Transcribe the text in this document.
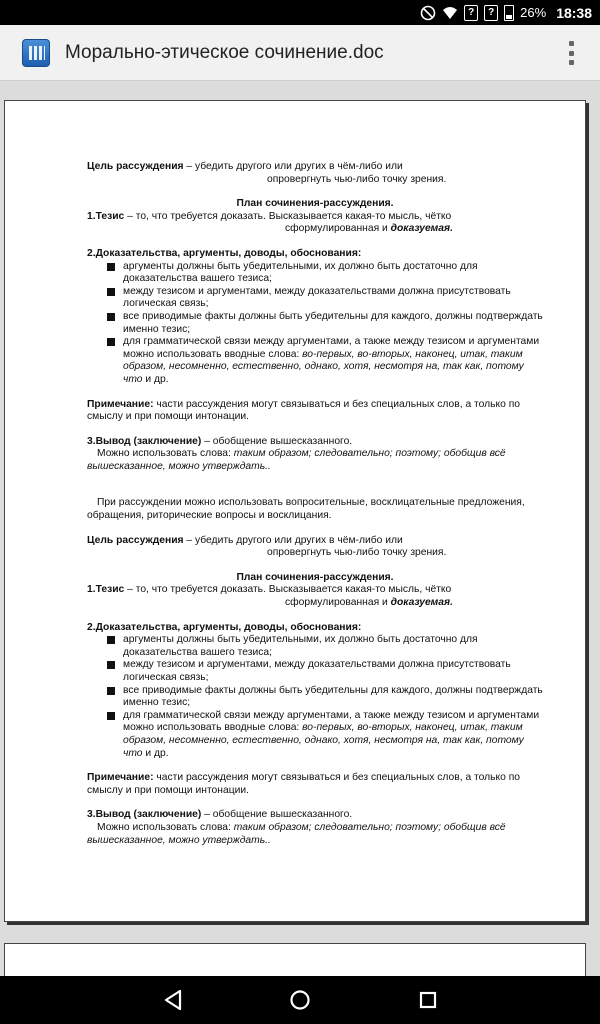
?	?	26% 18:38
Морально-этическое сочинение.doc

Цель рассуждения – убедить другого или других в чём-либо или

опровергнуть чью-либо точку зрения.

План сочинения-рассуждения.

1.Тезис – то, что требуется доказать. Высказывается какая-то мысль, чётко

сформулированная и доказуемая.

2.Доказательства, аргументы, доводы, обоснования:

аргументы должны быть убедительными, их должно быть достаточно для доказательства вашего тезиса;
между тезисом и аргументами, между доказательствами должна присутствовать логическая связь;
все приводимые факты должны быть убедительны для каждого, должны подтверждать именно тезис;
для грамматической связи между аргументами, а также между тезисом и аргументами можно использовать вводные слова: во-первых, во-вторых, наконец, итак, таким образом, несомненно, естественно, однако, хотя, несмотря на, так как, потому что и др.

Примечание: части рассуждения могут связываться и без специальных слов, а только по смыслу и при помощи интонации.

3.Вывод (заключение) – обобщение вышесказанного.

Можно использовать слова: таким образом; следовательно; поэтому; обобщив всё вышесказанное, можно утверждать..

При рассуждении можно использовать вопросительные, восклицательные предложения, обращения, риторические вопросы и восклицания.

Цель рассуждения – убедить другого или других в чём-либо или

опровергнуть чью-либо точку зрения.

План сочинения-рассуждения.

1.Тезис – то, что требуется доказать. Высказывается какая-то мысль, чётко

сформулированная и доказуемая.

2.Доказательства, аргументы, доводы, обоснования:

аргументы должны быть убедительными, их должно быть достаточно для доказательства вашего тезиса;
между тезисом и аргументами, между доказательствами должна присутствовать логическая связь;
все приводимые факты должны быть убедительны для каждого, должны подтверждать именно тезис;
для грамматической связи между аргументами, а также между тезисом и аргументами можно использовать вводные слова: во-первых, во-вторых, наконец, итак, таким образом, несомненно, естественно, однако, хотя, несмотря на, так как, потому что и др.

Примечание: части рассуждения могут связываться и без специальных слов, а только по смыслу и при помощи интонации.

3.Вывод (заключение) – обобщение вышесказанного.

Можно использовать слова: таким образом; следовательно; поэтому; обобщив всё вышесказанное, можно утверждать..
